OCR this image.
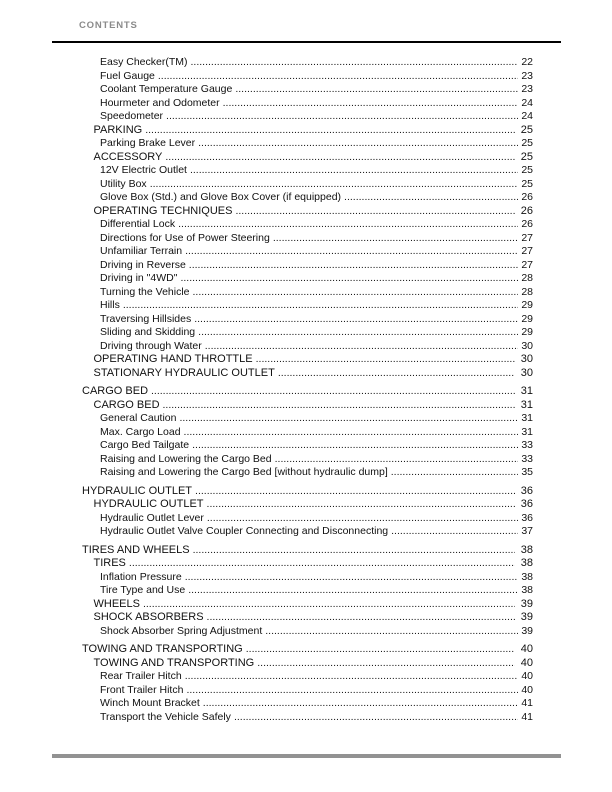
CONTENTS
Easy Checker(TM) .....	22
Fuel Gauge .....	23
Coolant Temperature Gauge .....	23
Hourmeter and Odometer .....	24
Speedometer .....	24
PARKING .....	25
Parking Brake Lever .....	25
ACCESSORY .....	25
12V Electric Outlet .....	25
Utility Box .....	25
Glove Box (Std.) and Glove Box Cover (if equipped) .....	26
OPERATING TECHNIQUES .....	26
Differential Lock .....	26
Directions for Use of Power Steering .....	27
Unfamiliar Terrain .....	27
Driving in Reverse .....	27
Driving in "4WD" .....	28
Turning the Vehicle .....	28
Hills .....	29
Traversing Hillsides .....	29
Sliding and Skidding .....	29
Driving through Water .....	30
OPERATING HAND THROTTLE .....	30
STATIONARY HYDRAULIC OUTLET .....	30
CARGO BED .....	31
CARGO BED .....	31
General Caution .....	31
Max. Cargo Load .....	31
Cargo Bed Tailgate .....	33
Raising and Lowering the Cargo Bed .....	33
Raising and Lowering the Cargo Bed [without hydraulic dump] .....	35
HYDRAULIC OUTLET .....	36
HYDRAULIC OUTLET .....	36
Hydraulic Outlet Lever .....	36
Hydraulic Outlet Valve Coupler Connecting and Disconnecting .....	37
TIRES AND WHEELS .....	38
TIRES .....	38
Inflation Pressure .....	38
Tire Type and Use .....	38
WHEELS .....	39
SHOCK ABSORBERS .....	39
Shock Absorber Spring Adjustment .....	39
TOWING AND TRANSPORTING .....	40
TOWING AND TRANSPORTING .....	40
Rear Trailer Hitch .....	40
Front Trailer Hitch .....	40
Winch Mount Bracket .....	41
Transport the Vehicle Safely .....	41
